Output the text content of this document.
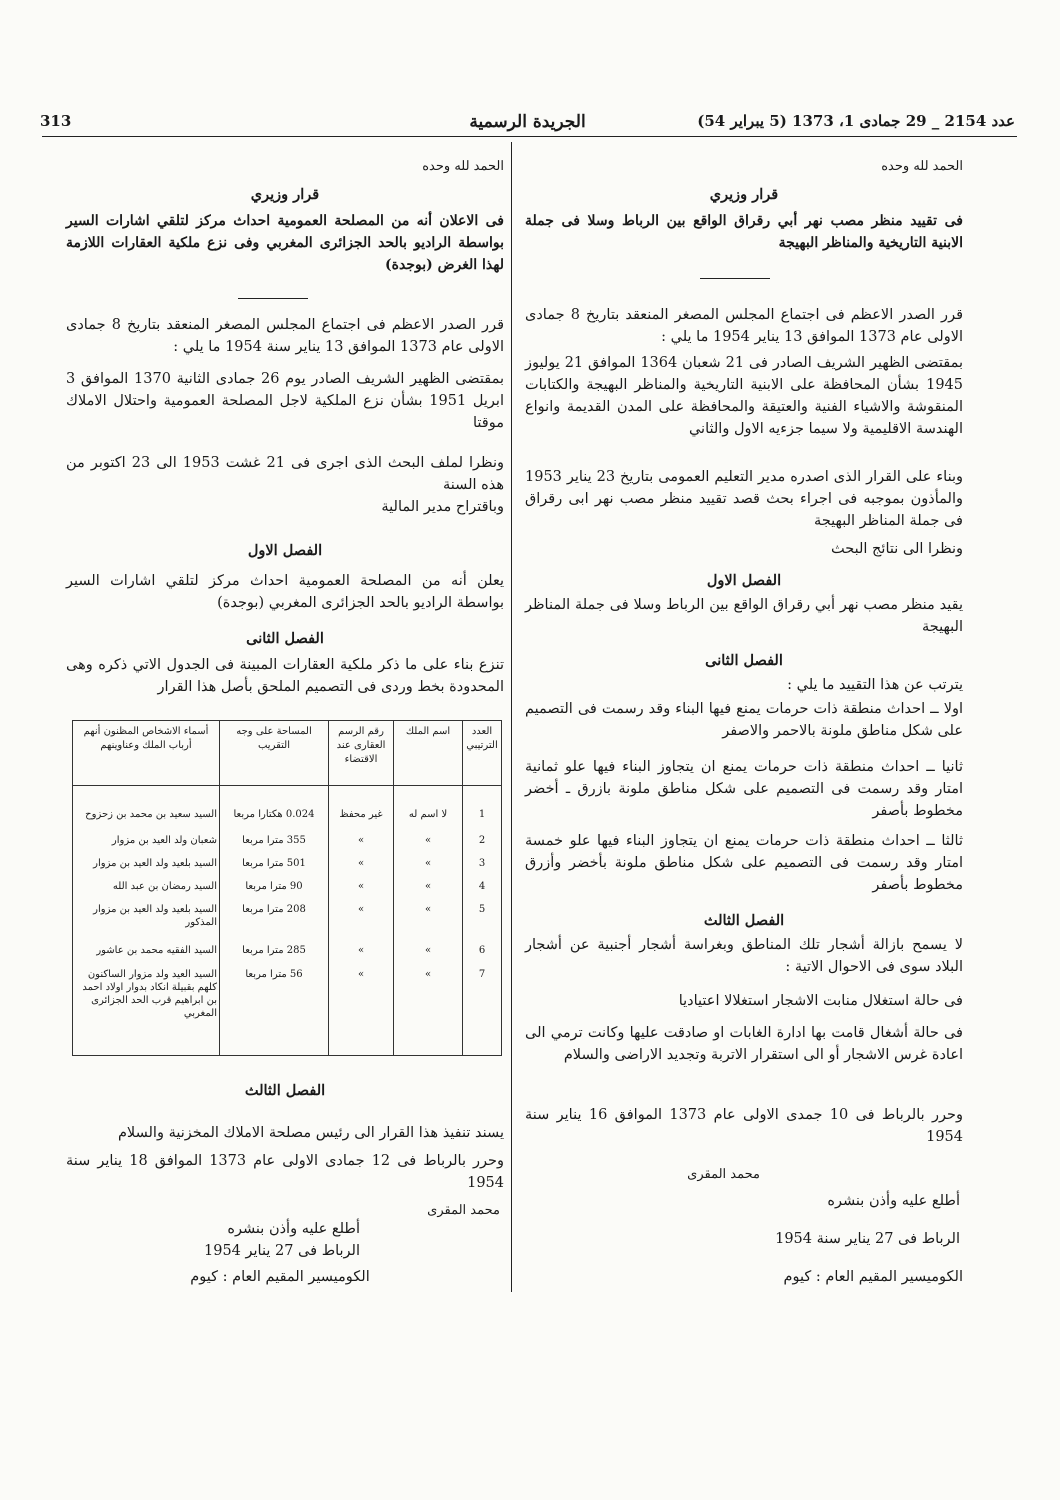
عدد 2154 _ 29 جمادى 1، 1373 (5 يبراير 54)
الجريدة الرسمية
313

الحمد لله وحده

قرار وزيري
فى تقييد منظر مصب نهر أبي رقراق الواقع بين الرباط وسلا فى جملة الابنية التاريخية والمناظر البهيجة
قرر الصدر الاعظم فى اجتماع المجلس المصغر المنعقد بتاريخ 8 جمادى الاولى عام 1373 الموافق 13 يناير 1954 ما يلي :
بمقتضى الظهير الشريف الصادر فى 21 شعبان 1364 الموافق 21 يوليوز 1945 بشأن المحافظة على الابنية التاريخية والمناظر البهيجة والكتابات المنقوشة والاشياء الفنية والعتيقة والمحافظة على المدن القديمة وانواع الهندسة الاقليمية ولا سيما جزءيه الاول والثاني
وبناء على القرار الذى اصدره مدير التعليم العمومى بتاريخ 23 يناير 1953 والمأذون بموجبه فى اجراء بحث قصد تقييد منظر مصب نهر ابى رقراق فى جملة المناظر البهيجة
ونظرا الى نتائج البحث
الفصل الاول
يقيد منظر مصب نهر أبي رقراق الواقع بين الرباط وسلا فى جملة المناظر البهيجة
الفصل الثانى
يترتب عن هذا التقييد ما يلي :
اولا ــ احداث منطقة ذات حرمات يمنع فيها البناء وقد رسمت فى التصميم على شكل مناطق ملونة بالاحمر والاصفر
ثانيا ــ احداث منطقة ذات حرمات يمنع ان يتجاوز البناء فيها علو ثمانية امتار وقد رسمت فى التصميم على شكل مناطق ملونة بازرق ـ أخضر مخطوط بأصفر
ثالثا ــ احداث منطقة ذات حرمات يمنع ان يتجاوز البناء فيها علو خمسة امتار وقد رسمت فى التصميم على شكل مناطق ملونة بأخضر وأزرق مخطوط بأصفر
الفصل الثالث
لا يسمح بازالة أشجار تلك المناطق وبغراسة أشجار أجنبية عن أشجار البلاد سوى فى الاحوال الاتية :
فى حالة استغلال منابت الاشجار استغلالا اعتياديا
فى حالة أشغال قامت بها ادارة الغابات او صادقت عليها وكانت ترمي الى اعادة غرس الاشجار أو الى استقرار الاتربة وتجديد الاراضى والسلام
وحرر بالرباط فى 10 جمدى الاولى عام 1373 الموافق 16 يناير سنة 1954
محمد المقرى
أطلع عليه وأذن بنشره
الرباط فى 27 يناير سنة 1954
الكوميسير المقيم العام : كيوم

الحمد لله وحده

قرار وزيري
فى الاعلان أنه من المصلحة العمومية احداث مركز لتلقي اشارات السير بواسطة الراديو بالحد الجزائرى المغربي وفى نزع ملكية العقارات اللازمة لهذا الغرض (بوجدة)
قرر الصدر الاعظم فى اجتماع المجلس المصغر المنعقد بتاريخ 8 جمادى الاولى عام 1373 الموافق 13 يناير سنة 1954 ما يلي :
بمقتضى الظهير الشريف الصادر يوم 26 جمادى الثانية 1370 الموافق 3 ابريل 1951 بشأن نزع الملكية لاجل المصلحة العمومية واحتلال الاملاك موقتا
ونظرا لملف البحث الذى اجرى فى 21 غشت 1953 الى 23 اكتوبر من هذه السنة
وباقتراح مدير المالية
الفصل الاول
يعلن أنه من المصلحة العمومية احداث مركز لتلقي اشارات السير بواسطة الراديو بالحد الجزائرى المغربي (بوجدة)
الفصل الثانى
تنزع بناء على ما ذكر ملكية العقارات المبينة فى الجدول الاتي ذكره وهى المحدودة بخط وردى فى التصميم الملحق بأصل هذا القرار
العدد الترتيبي	اسم الملك	رقم الرسم العقارى عند الاقتضاء	المساحة على وجه التقريب	أسماء الاشخاص المظنون أنهم أرباب الملك وعناوينهم
1	لا اسم له	غير محفظ	0.024 هكتارا مربعا	السيد سعيد بن محمد بن زحزوح
2	»	»	355 مترا مربعا	شعبان ولد العيد بن مزوار
3	»	»	501 مترا مربعا	السيد بلعيد ولد العيد بن مزوار
4	»	»	90 مترا مربعا	السيد رمضان بن عبد الله
5	»	»	208 مترا مربعا	السيد بلعيد ولد العيد بن مزوار المذكور
6	»	»	285 مترا مربعا	السيد الفقيه محمد بن عاشور
7	»	»	56 مترا مربعا	السيد العيد ولد مزوار الساكنون كلهم بقبيلة انكاد بدوار اولاد احمد بن ابراهيم قرب الحد الجزائرى المغربي
الفصل الثالث
يسند تنفيذ هذا القرار الى رئيس مصلحة الاملاك المخزنية والسلام
وحرر بالرباط فى 12 جمادى الاولى عام 1373 الموافق 18 يناير سنة 1954
محمد المقرى
أطلع عليه وأذن بنشره
الرباط فى 27 يناير 1954
الكوميسير المقيم العام : كيوم
